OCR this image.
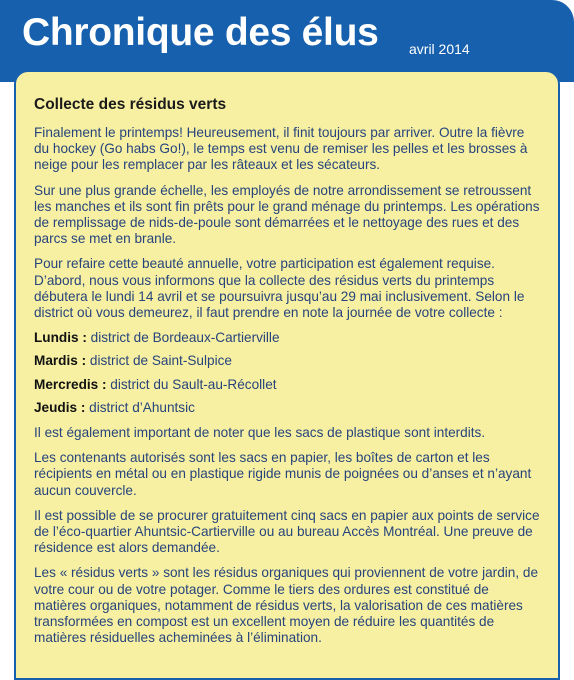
Chronique des élus avril 2014
Collecte des résidus verts

Finalement le printemps! Heureusement, il finit toujours par arriver. Outre la fièvre du hockey (Go habs Go!), le temps est venu de remiser les pelles et les brosses à neige pour les remplacer par les râteaux et les sécateurs.

Sur une plus grande échelle, les employés de notre arrondissement se retroussent les manches et ils sont fin prêts pour le grand ménage du printemps. Les opérations de remplissage de nids-de-poule sont démarrées et le nettoyage des rues et des parcs se met en branle.

Pour refaire cette beauté annuelle, votre participation est également requise. D’abord, nous vous informons que la collecte des résidus verts du printemps débutera le lundi 14 avril et se poursuivra jusqu’au 29 mai inclusivement. Selon le district où vous demeurez, il faut prendre en note la journée de votre collecte :

Lundis : district de Bordeaux-Cartierville

Mardis : district de Saint-Sulpice

Mercredis : district du Sault-au-Récollet

Jeudis : district d’Ahuntsic

Il est également important de noter que les sacs de plastique sont interdits.

Les contenants autorisés sont les sacs en papier, les boîtes de carton et les récipients en métal ou en plastique rigide munis de poignées ou d’anses et n’ayant aucun couvercle.

Il est possible de se procurer gratuitement cinq sacs en papier aux points de service de l’éco-quartier Ahuntsic-Cartierville ou au bureau Accès Montréal. Une preuve de résidence est alors demandée.

Les « résidus verts » sont les résidus organiques qui proviennent de votre jardin, de votre cour ou de votre potager. Comme le tiers des ordures est constitué de matières organiques, notamment de résidus verts, la valorisation de ces matières transformées en compost est un excellent moyen de réduire les quantités de matières résiduelles acheminées à l’élimination.
